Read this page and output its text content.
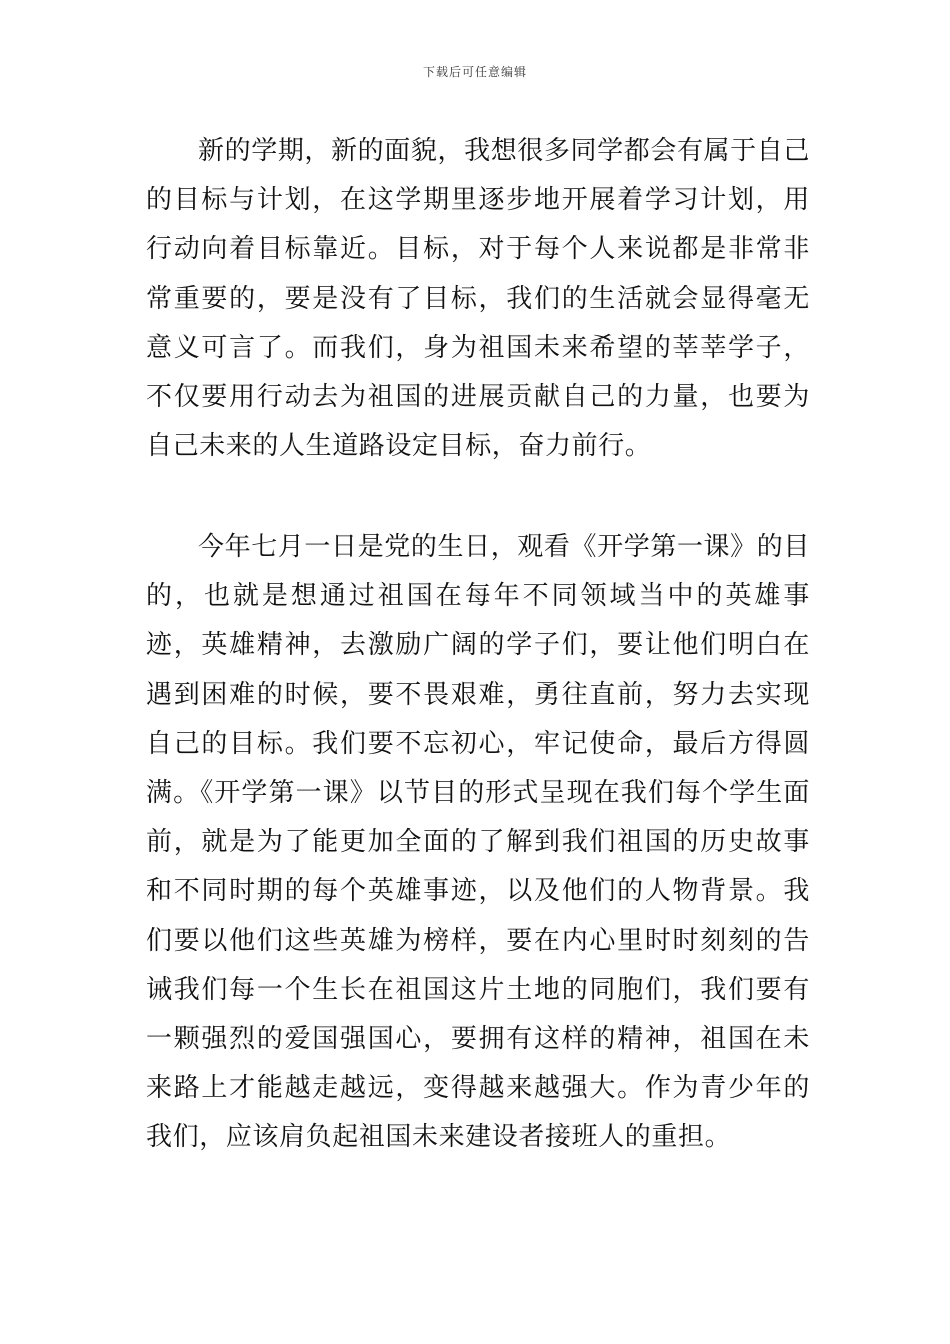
下载后可任意编辑

新的学期，新的面貌，我想很多同学都会有属于自己的目标与计划，在这学期里逐步地开展着学习计划，用行动向着目标靠近。目标，对于每个人来说都是非常非常重要的，要是没有了目标，我们的生活就会显得毫无意义可言了。而我们，身为祖国未来希望的莘莘学子，不仅要用行动去为祖国的进展贡献自己的力量，也要为自己未来的人生道路设定目标，奋力前行。

今年七月一日是党的生日，观看《开学第一课》的目的，也就是想通过祖国在每年不同领域当中的英雄事迹，英雄精神，去激励广阔的学子们，要让他们明白在遇到困难的时候，要不畏艰难，勇往直前，努力去实现自己的目标。我们要不忘初心，牢记使命，最后方得圆满。《开学第一课》以节目的形式呈现在我们每个学生面前，就是为了能更加全面的了解到我们祖国的历史故事和不同时期的每个英雄事迹，以及他们的人物背景。我们要以他们这些英雄为榜样，要在内心里时时刻刻的告诫我们每一个生长在祖国这片土地的同胞们，我们要有一颗强烈的爱国强国心，要拥有这样的精神，祖国在未来路上才能越走越远，变得越来越强大。作为青少年的我们，应该肩负起祖国未来建设者接班人的重担。
